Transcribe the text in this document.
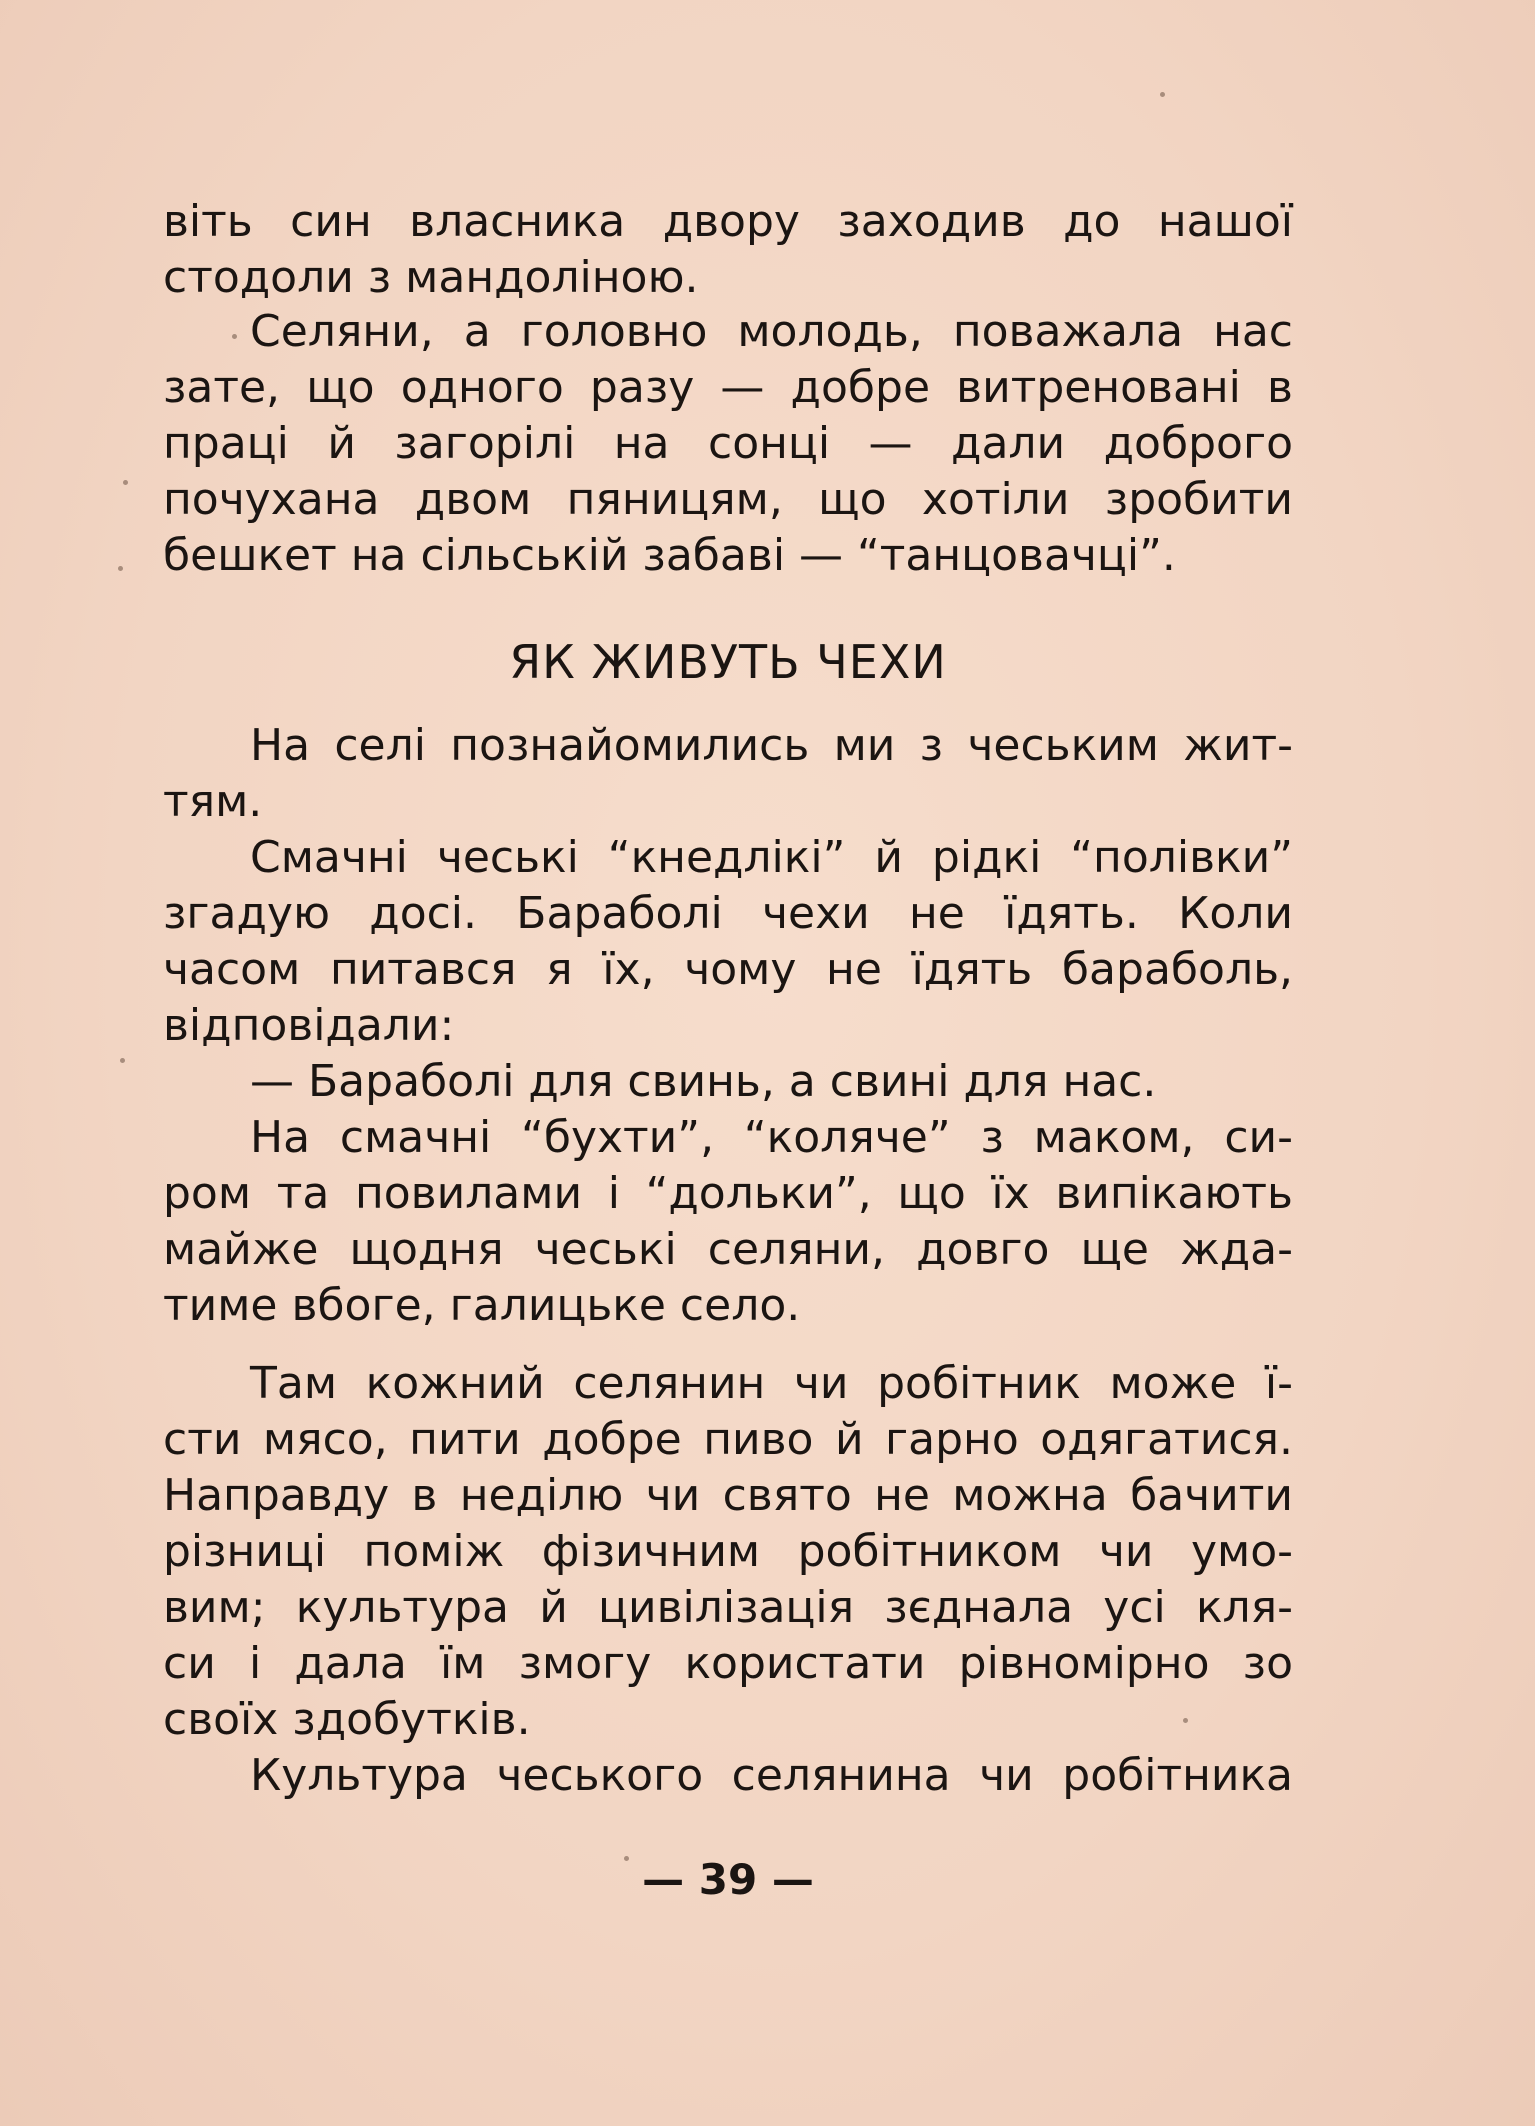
віть син власника двору заходив до нашої
стодоли з мандоліною.
Селяни, а головно молодь, поважала нас
зате, що одного разу — добре витреновані в
праці й загорілі на сонці — дали доброго
почухана двом пяницям, що хотіли зробити
бешкет на сільській забаві — “танцовачці”.
ЯК ЖИВУТЬ ЧЕХИ
На селі познайомились ми з чеським жит-
тям.
Смачні чеські “кнедлікі” й рідкі “полівки”
згадую досі. Бараболі чехи не їдять. Коли
часом питався я їх, чому не їдять бараболь,
відповідали:
— Бараболі для свинь, а свині для нас.
На смачні “бухти”, “коляче” з маком, си-
ром та повилами і “дольки”, що їх випікають
майже щодня чеські селяни, довго ще жда-
тиме вбоге, галицьке село.
Там кожний селянин чи робітник може ї-
сти мясо, пити добре пиво й гарно одягатися.
Направду в неділю чи свято не можна бачити
різниці поміж фізичним робітником чи умо-
вим; культура й цивілізація зєднала усі кля-
си і дала їм змогу користати рівномірно зо
своїх здобутків.
Культура чеського селянина чи робітника
— 39 —
